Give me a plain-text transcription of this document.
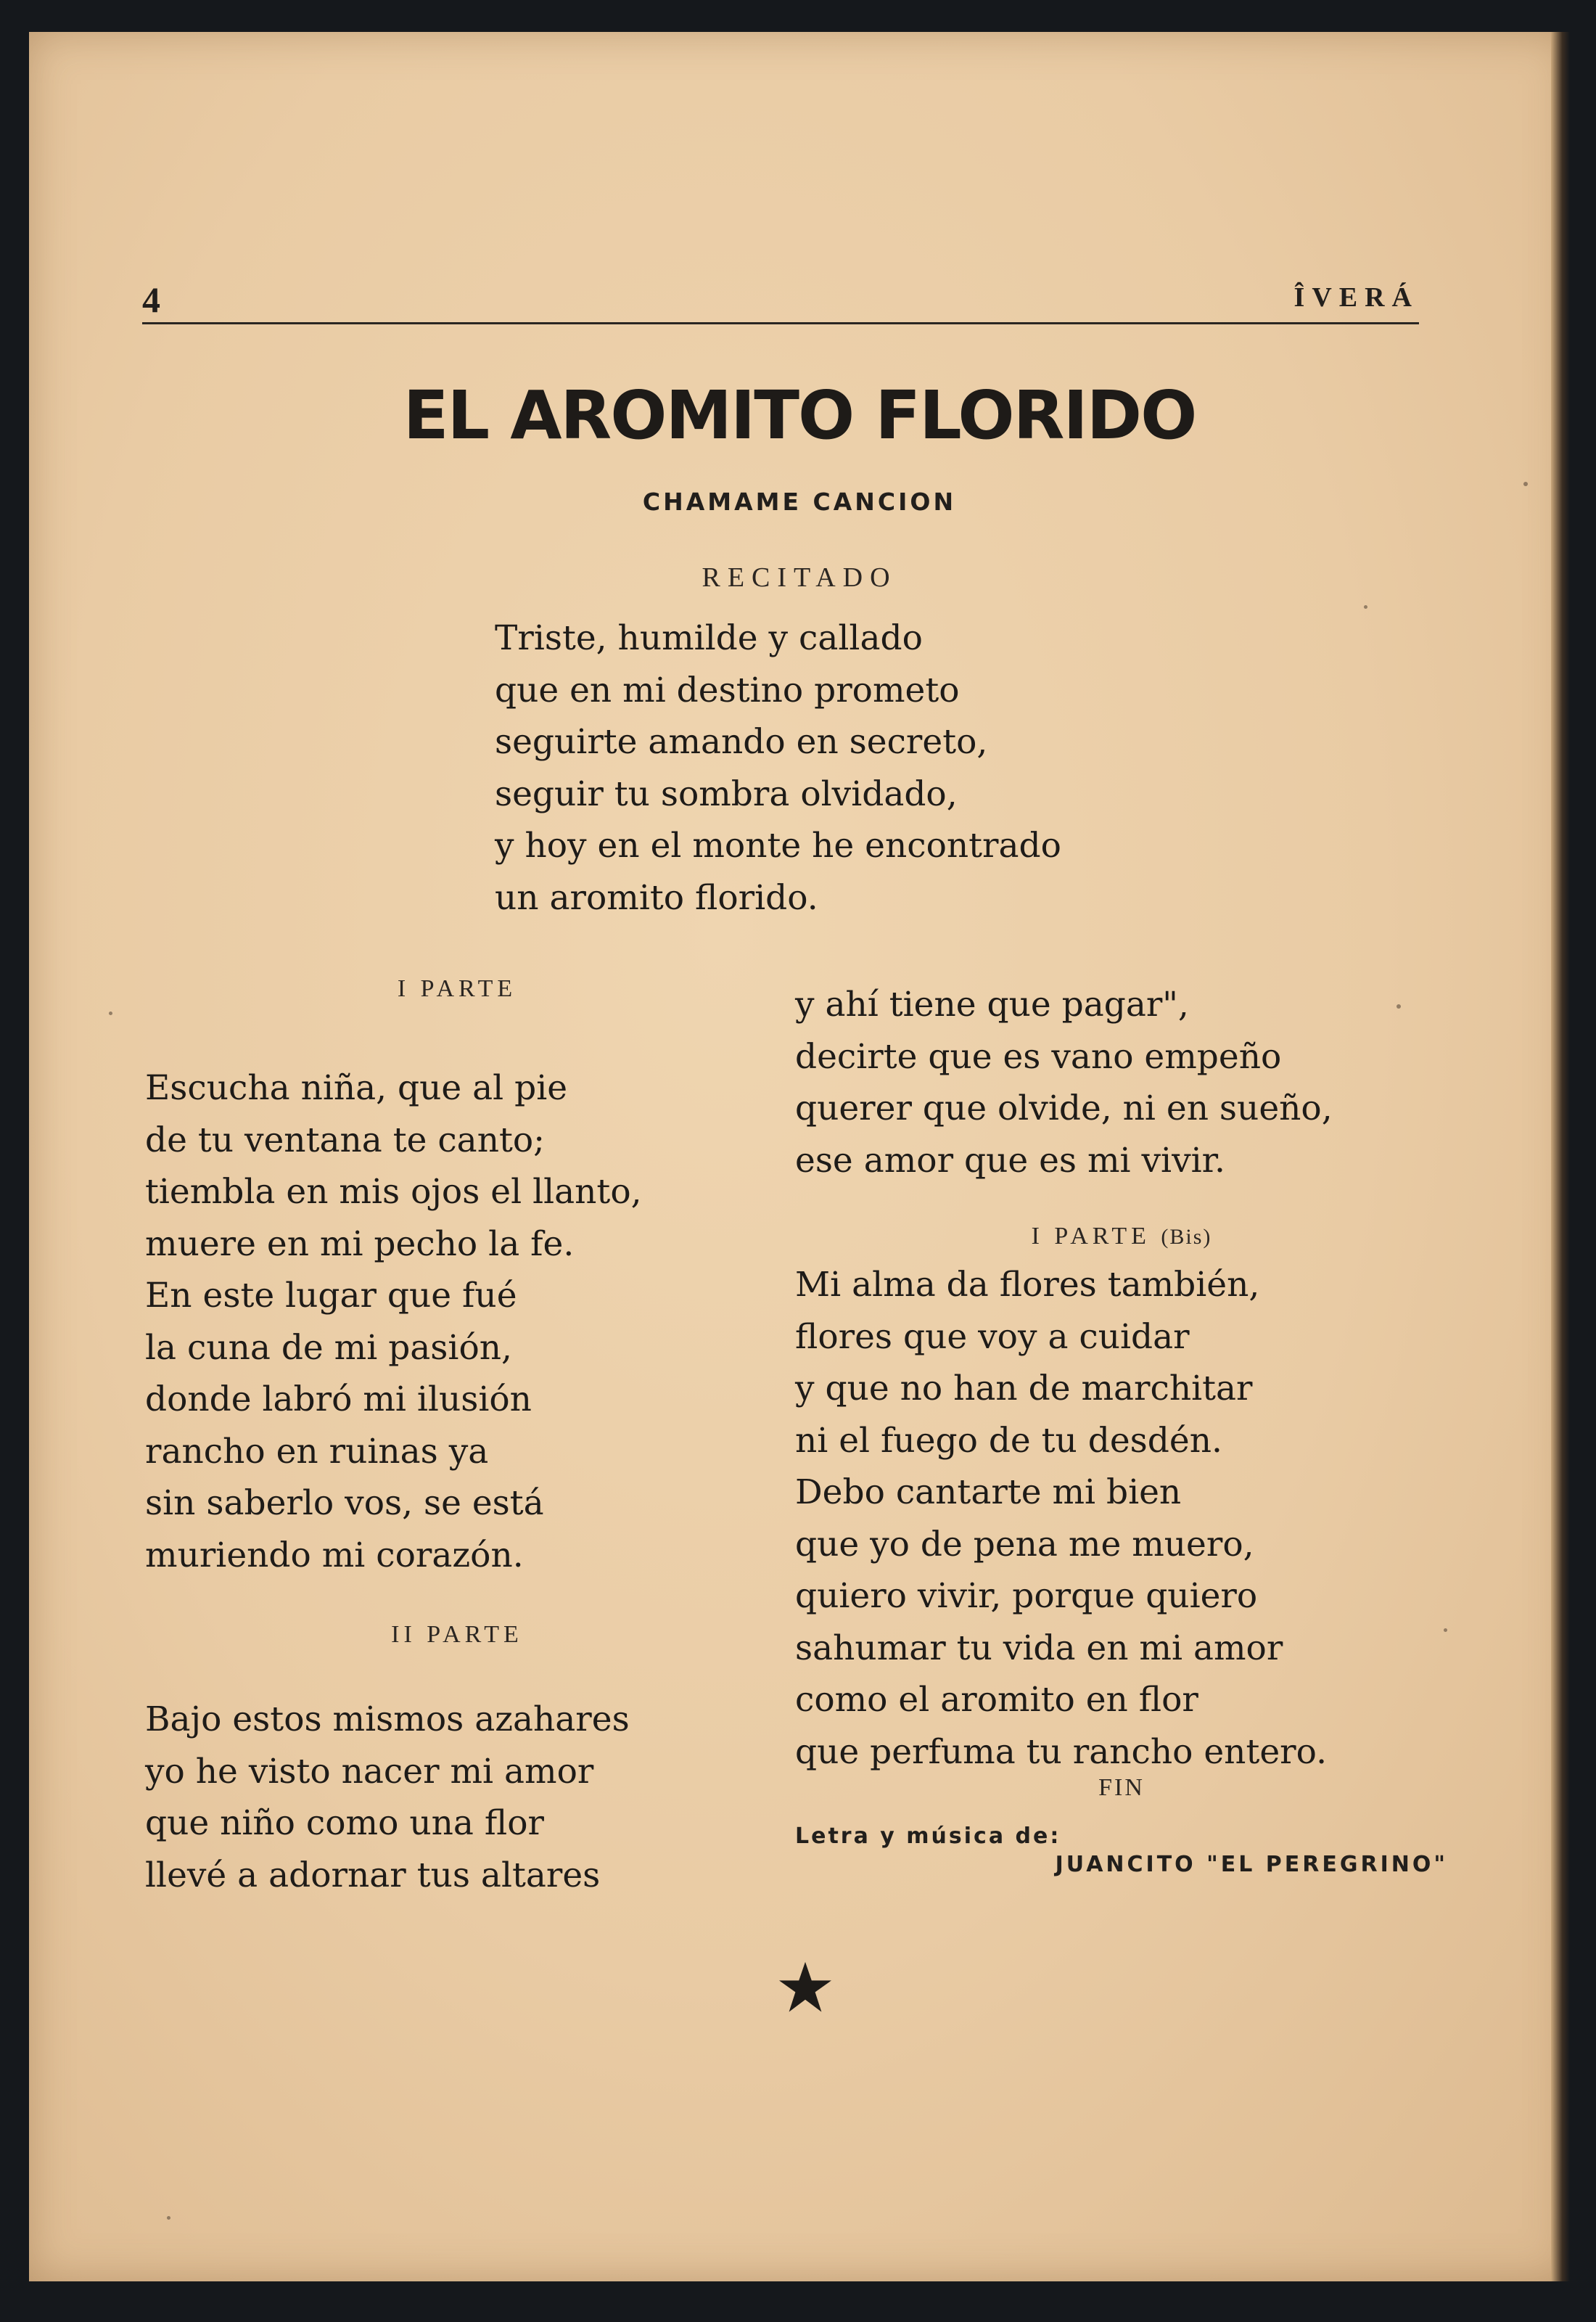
4	ÎVERÁ
EL AROMITO FLORIDO
CHAMAME CANCION
RECITADO
Triste, humilde y callado
que en mi destino prometo
seguirte amando en secreto,
seguir tu sombra olvidado,
y hoy en el monte he encontrado
un aromito florido.
I PARTE
Escucha niña, que al pie
de tu ventana te canto;
tiembla en mis ojos el llanto,
muere en mi pecho la fe.
En este lugar que fué
la cuna de mi pasión,
donde labró mi ilusión
rancho en ruinas ya
sin saberlo vos, se está
muriendo mi corazón.
II PARTE
Bajo estos mismos azahares
yo he visto nacer mi amor
que niño como una flor
llevé a adornar tus altares
y ahí tiene que pagar",
decirte que es vano empeño
querer que olvide, ni en sueño,
ese amor que es mi vivir.
I PARTE (Bis)
Mi alma da flores también,
flores que voy a cuidar
y que no han de marchitar
ni el fuego de tu desdén.
Debo cantarte mi bien
que yo de pena me muero,
quiero vivir, porque quiero
sahumar tu vida en mi amor
como el aromito en flor
que perfuma tu rancho entero.
FIN
Letra y música de:
JUANCITO "EL PEREGRINO"
